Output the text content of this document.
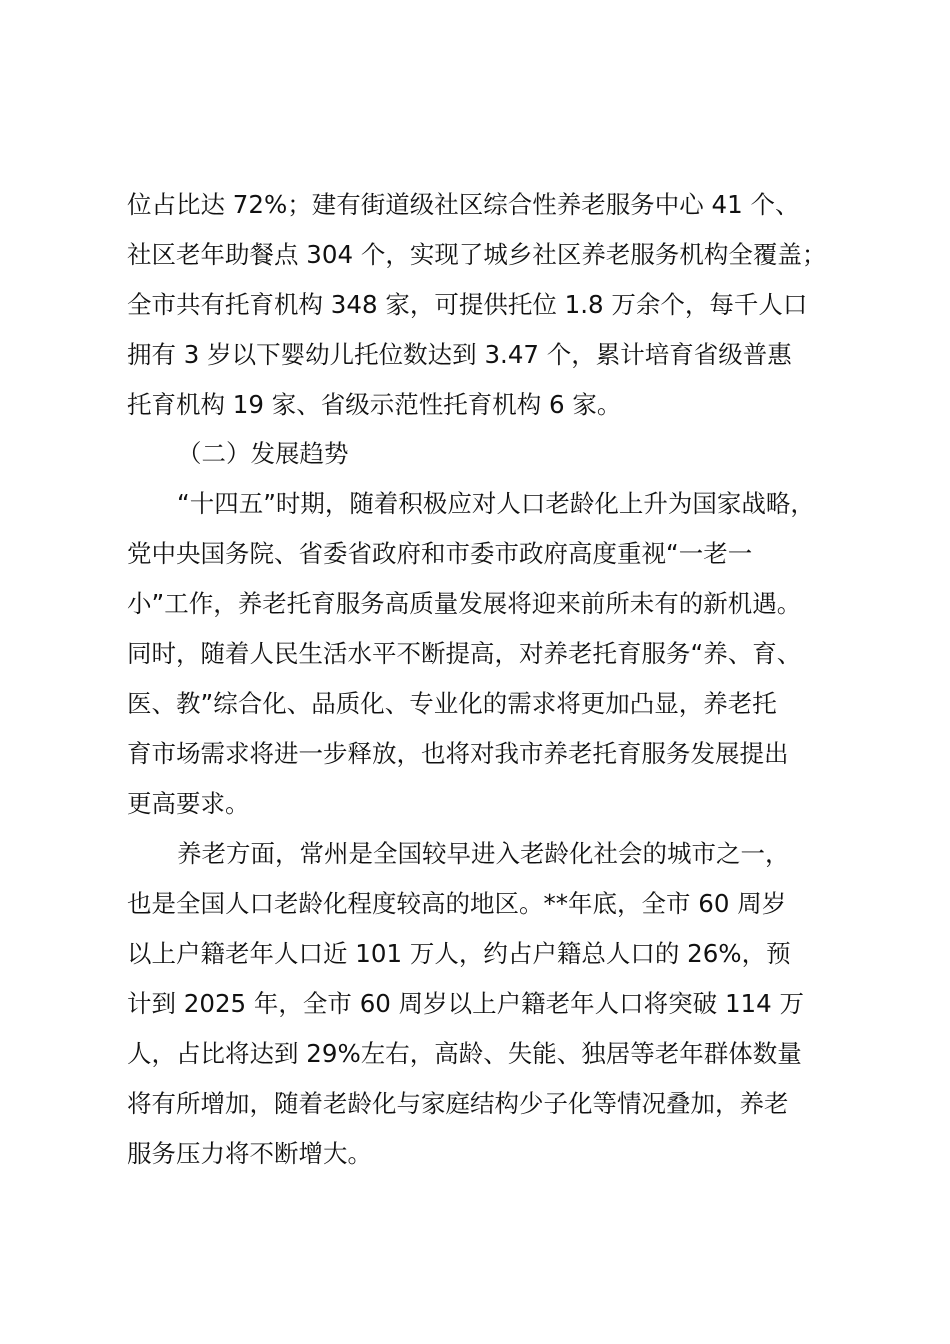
位占比达 72%；建有街道级社区综合性养老服务中心 41 个、
社区老年助餐点 304 个，实现了城乡社区养老服务机构全覆盖；
全市共有托育机构 348 家，可提供托位 1.8 万余个，每千人口
拥有 3 岁以下婴幼儿托位数达到 3.47 个，累计培育省级普惠
托育机构 19 家、省级示范性托育机构 6 家。
（二）发展趋势
“十四五”时期，随着积极应对人口老龄化上升为国家战略，
党中央国务院、省委省政府和市委市政府高度重视“一老一
小”工作，养老托育服务高质量发展将迎来前所未有的新机遇。
同时，随着人民生活水平不断提高，对养老托育服务“养、育、
医、教”综合化、品质化、专业化的需求将更加凸显，养老托
育市场需求将进一步释放，也将对我市养老托育服务发展提出
更高要求。
养老方面，常州是全国较早进入老龄化社会的城市之一，
也是全国人口老龄化程度较高的地区。**年底，全市 60 周岁
以上户籍老年人口近 101 万人，约占户籍总人口的 26%，预
计到 2025 年，全市 60 周岁以上户籍老年人口将突破 114 万
人，占比将达到 29%左右，高龄、失能、独居等老年群体数量
将有所增加，随着老龄化与家庭结构少子化等情况叠加，养老
服务压力将不断增大。
